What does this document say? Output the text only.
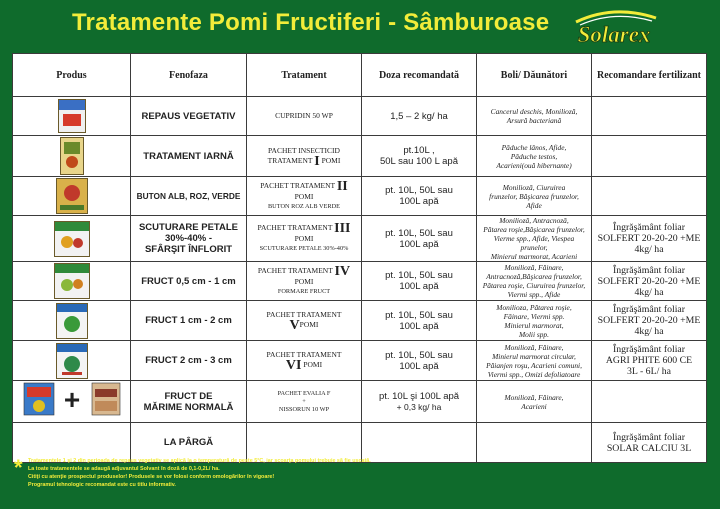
Tratamente Pomi Fructiferi - Sâmburoase Solarex
Produs	Fenofaza	Tratament	Doza recomandată	Boli/ Dăunători	Recomandare fertilizant
	REPAUS VEGETATIV	CUPRIDIN 50 WP	1,5 – 2 kg/ ha	Cancerul deschis, Monilioză,
Arsură bacteriană	
	TRATAMENT IARNĂ	PACHET INSECTICID
TRATAMENT I POMI	pt.10L ,
50L sau 100 L apă	Păduche lânos, Afide,
Păduche testos,
Acarieni(ouă hibernante)	
	BUTON ALB, ROZ, VERDE	PACHET TRATAMENT II POMI
BUTON ROZ ALB VERDE	pt. 10L, 50L sau
100L apă	Monilioză, Ciuruirea
frunzelor, Băşicarea frunzelor,
Afide	
	SCUTURARE PETALE
30%-40% -
SFÂRŞIT ÎNFLORIT	PACHET TRATAMENT III POMI
SCUTURARE PETALE 30%-40%	pt. 10L, 50L sau
100L apă	Monilioză, Antracnoză,
Pătarea roşie,Băşicarea frunzelor,
Vierme spp., Afide, Viespea prunelor,
Minierul marmorat, Acarieni	Îngrăşământ foliar
SOLFERT 20-20-20 +ME
4kg/ ha
	FRUCT 0,5 cm - 1 cm	PACHET TRATAMENT IV POMI
FORMARE FRUCT	pt. 10L, 50L sau
100L apă	Monilioză, Făinare,
Antracnoză,Băşicarea frunzelor,
Pătarea roşie, Ciuruirea frunzelor,
Viermi spp., Afide	Îngrăşământ foliar
SOLFERT 20-20-20 +ME
4kg/ ha
	FRUCT 1 cm - 2 cm	PACHET TRATAMENT
VPOMI	pt. 10L, 50L sau
100L apă	Monilioza, Pătarea roşie,
Făinare, Viermi spp.
Minierul marmorat,
Molii spp.	Îngrăşământ foliar
SOLFERT 20-20-20 +ME
4kg/ ha
	FRUCT 2 cm - 3 cm	PACHET TRATAMENT
VI POMI	pt. 10L, 50L sau
100L apă	Monilioză, Făinare,
Minierul marmorat circular,
Păianjen roşu, Acarieni comuni,
Viermi spp., Omizi defoliatoare	Îngrăşământ foliar
AGRI PHITE 600 CE
3L - 6L/ ha

+	FRUCT DE
MĂRIME NORMALĂ	PACHET EVALIA F
+
NISSORUN 10 WP	pt. 10L şi 100L apă
+ 0,3 kg/ ha	Monilioză, Făinare,
Acarieni	
	LA PÂRGĂ				Îngrăşământ foliar
SOLAR CALCIU 3L
* Tratamentele 1 şi 2 din perioada de repaus vegetativ se aplică la o temperatură de peste 5°C, iar scoarţa pomului trebuie să fie uscată.
La toate tratamentele se adaugă adjuvantul Solvant în doză de 0,1-0,2L/ ha.
Citiţi cu atenţie prospectul produselor! Produsele se vor folosi conform omologărilor în vigoare!
Programul tehnologic recomandat este cu titlu informativ.
